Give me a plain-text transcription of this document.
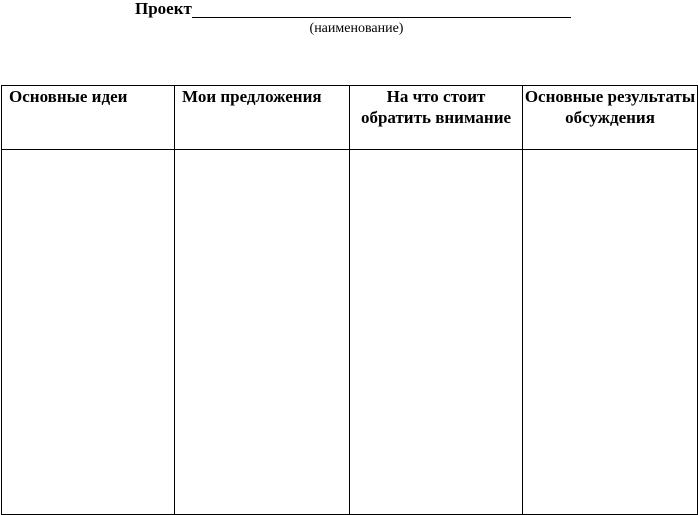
Проект
(наименование)
Основные идеи	Мои предложения	На что стоит обратить внимание	Основные результаты обсуждения
